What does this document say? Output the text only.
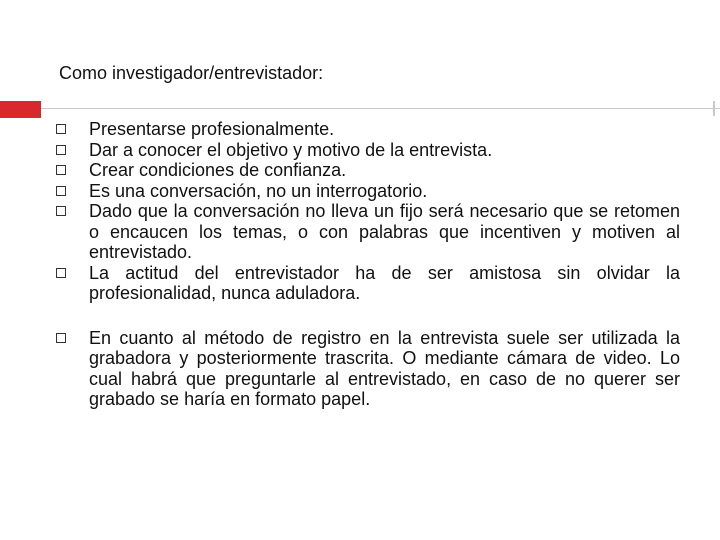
Como investigador/entrevistador:
Presentarse profesionalmente.
Dar a conocer el objetivo y motivo de la entrevista.
Crear condiciones de confianza.
Es una conversación, no un interrogatorio.
Dado que la conversación no lleva un fijo será necesario que se retomen o encaucen los temas, o con palabras que incentiven y motiven al entrevistado.
La actitud del entrevistador ha de ser amistosa sin olvidar la profesionalidad, nunca aduladora.
En cuanto al método de registro en la entrevista suele ser utilizada la grabadora y posteriormente trascrita. O mediante cámara de video. Lo cual habrá que preguntarle al entrevistado, en caso de no querer ser grabado se haría en formato papel.
